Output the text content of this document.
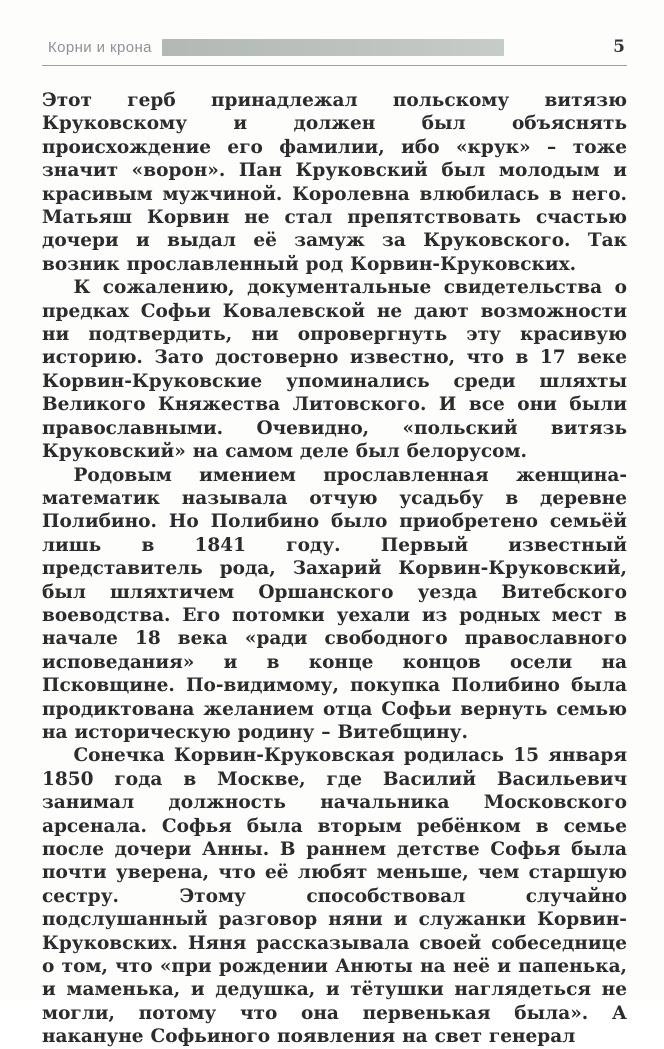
Корни и крона	5

Этот герб принадлежал польскому витязю Круковскому и должен был объяснять происхождение его фамилии, ибо «крук» – тоже значит «ворон». Пан Круковский был молодым и красивым мужчиной. Королевна влюбилась в него. Матьяш Корвин не стал препятствовать счастью дочери и выдал её замуж за Круковского. Так возник прославленный род Корвин-Круковских.

К сожалению, документальные свидетельства о предках Софьи Ковалевской не дают возможности ни подтвердить, ни опровергнуть эту красивую историю. Зато достоверно известно, что в 17 веке Корвин-Круковские упоминались среди шляхты Великого Княжества Литовского. И все они были православными. Очевидно, «польский витязь Круковский» на самом деле был белорусом.

Родовым имением прославленная женщина-математик называла отчую усадьбу в деревне Полибино. Но Полибино было приобретено семьёй лишь в 1841 году. Первый известный представитель рода, Захарий Корвин-Круковский, был шляхтичем Оршанского уезда Витебского воеводства. Его потомки уехали из родных мест в начале 18 века «ради свободного православного исповедания» и в конце концов осели на Псковщине. По-видимому, покупка Полибино была продиктована желанием отца Софьи вернуть семью на историческую родину – Витебщину.

Сонечка Корвин-Круковская родилась 15 января 1850 года в Москве, где Василий Васильевич занимал должность начальника Московского арсенала. Софья была вторым ребёнком в семье после дочери Анны. В раннем детстве Софья была почти уверена, что её любят меньше, чем старшую сестру. Этому способствовал случайно подслушанный разговор няни и служанки Корвин-Круковских. Няня рассказывала своей собеседнице о том, что «при рождении Анюты на неё и папенька, и маменька, и дедушка, и тётушки наглядеться не могли, потому что она первенькая была». А накануне Софьиного появления на свет генерал
